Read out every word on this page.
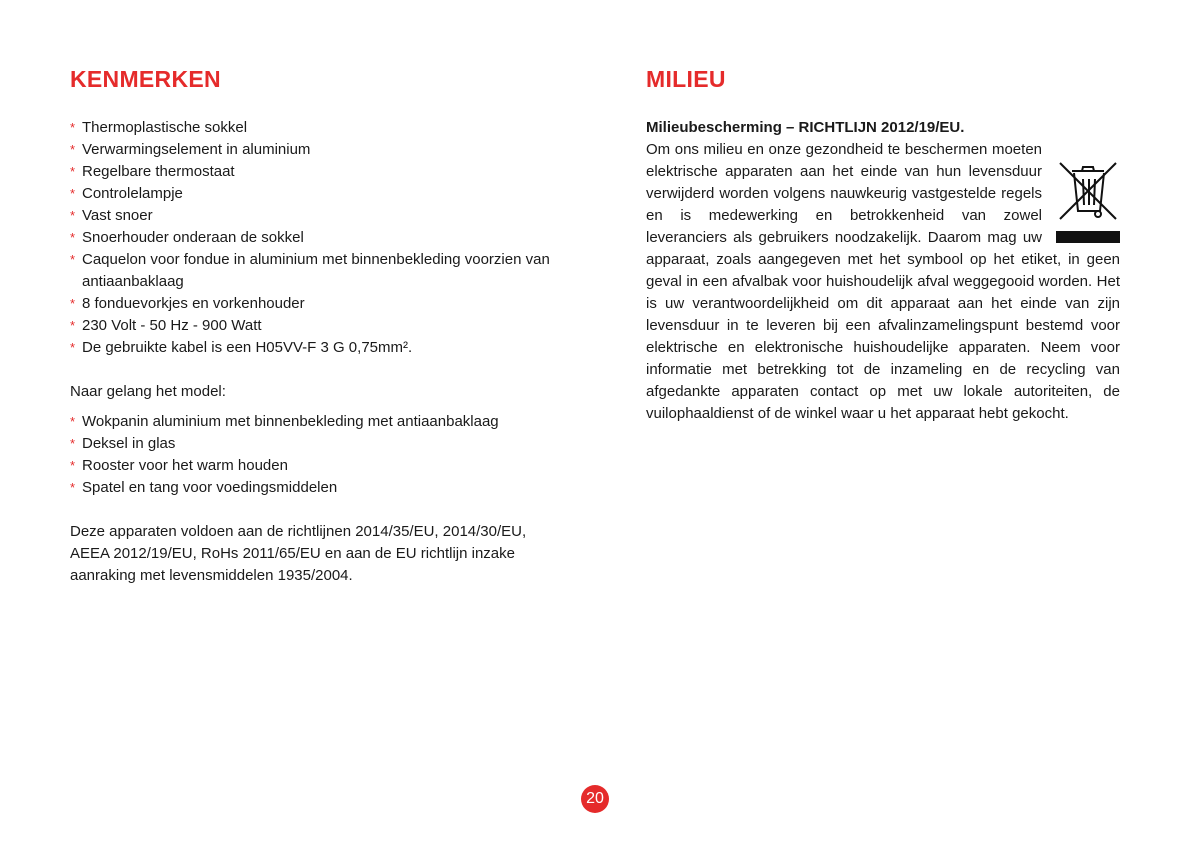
KENMERKEN	MILIEU
* Thermoplastische sokkel
* Verwarmingselement in aluminium
* Regelbare thermostaat
* Controlelampje
* Vast snoer
* Snoerhouder onderaan de sokkel
* Caquelon voor fondue in aluminium met binnenbekleding voorzien van antiaanbaklaag
* 8 fonduevorkjes en vorkenhouder
* 230 Volt - 50 Hz - 900 Watt
* De gebruikte kabel is een H05VV-F 3 G 0,75mm².

Naar gelang het model:

* Wokpanin aluminium met binnenbekleding met antiaanbaklaag
* Deksel in glas
* Rooster voor het warm houden
* Spatel en tang voor voedingsmiddelen

Deze apparaten voldoen aan de richtlijnen 2014/35/EU, 2014/30/EU, AEEA 2012/19/EU, RoHs 2011/65/EU en aan de EU richtlijn inzake aanraking met levensmiddelen 1935/2004.

Milieubescherming – RICHTLIJN 2012/19/EU.

Om ons milieu en onze gezondheid te beschermen moeten elektrische apparaten aan het einde van hun levensduur verwijderd worden volgens nauwkeurig vastgestelde regels en is medewerking en betrokkenheid van zowel leveranciers als gebruikers noodzakelijk. Daarom mag uw apparaat, zoals aangegeven met het symbool op het etiket, in geen geval in een afvalbak voor huishoudelijk afval weggegooid worden. Het is uw verantwoordelijkheid om dit apparaat aan het einde van zijn levensduur in te leveren bij een afvalinzamelingspunt bestemd voor elektrische en elektronische huishoudelijke apparaten. Neem voor informatie met betrekking tot de inzameling en de recycling van afgedankte apparaten contact op met uw lokale autoriteiten, de vuilophaaldienst of de winkel waar u het apparaat hebt gekocht.

20
